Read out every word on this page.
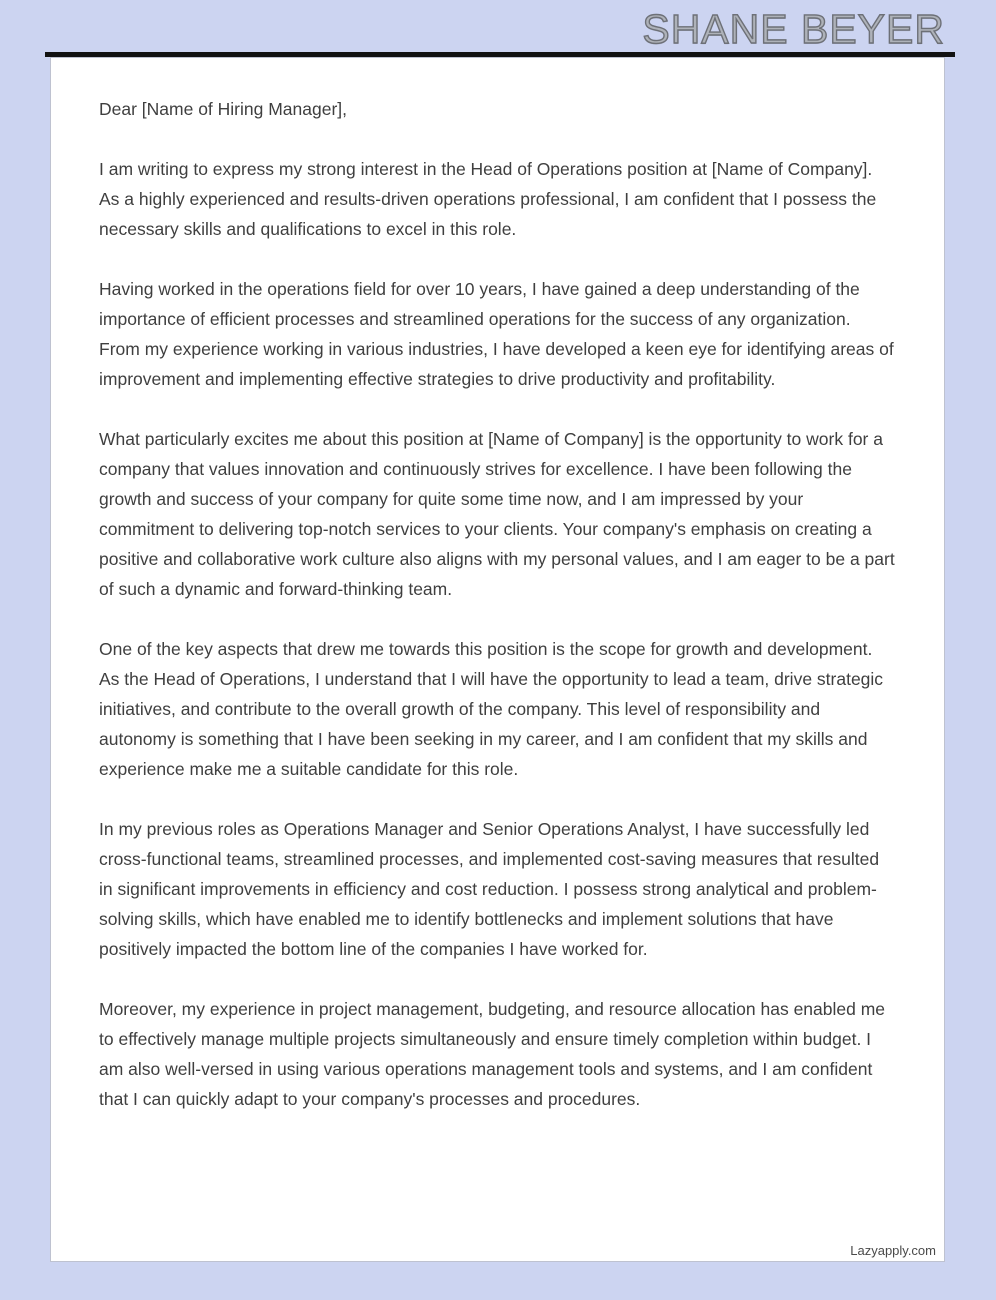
SHANE BEYER

Dear [Name of Hiring Manager],

I am writing to express my strong interest in the Head of Operations position at [Name of Company]. As a highly experienced and results-driven operations professional, I am confident that I possess the necessary skills and qualifications to excel in this role.

Having worked in the operations field for over 10 years, I have gained a deep understanding of the importance of efficient processes and streamlined operations for the success of any organization. From my experience working in various industries, I have developed a keen eye for identifying areas of improvement and implementing effective strategies to drive productivity and profitability.

What particularly excites me about this position at [Name of Company] is the opportunity to work for a company that values innovation and continuously strives for excellence. I have been following the growth and success of your company for quite some time now, and I am impressed by your commitment to delivering top-notch services to your clients. Your company's emphasis on creating a positive and collaborative work culture also aligns with my personal values, and I am eager to be a part of such a dynamic and forward-thinking team.

One of the key aspects that drew me towards this position is the scope for growth and development. As the Head of Operations, I understand that I will have the opportunity to lead a team, drive strategic initiatives, and contribute to the overall growth of the company. This level of responsibility and autonomy is something that I have been seeking in my career, and I am confident that my skills and experience make me a suitable candidate for this role.

In my previous roles as Operations Manager and Senior Operations Analyst, I have successfully led cross-functional teams, streamlined processes, and implemented cost-saving measures that resulted in significant improvements in efficiency and cost reduction. I possess strong analytical and problem-solving skills, which have enabled me to identify bottlenecks and implement solutions that have positively impacted the bottom line of the companies I have worked for.

Moreover, my experience in project management, budgeting, and resource allocation has enabled me to effectively manage multiple projects simultaneously and ensure timely completion within budget. I am also well-versed in using various operations management tools and systems, and I am confident that I can quickly adapt to your company's processes and procedures.

Lazyapply.com
